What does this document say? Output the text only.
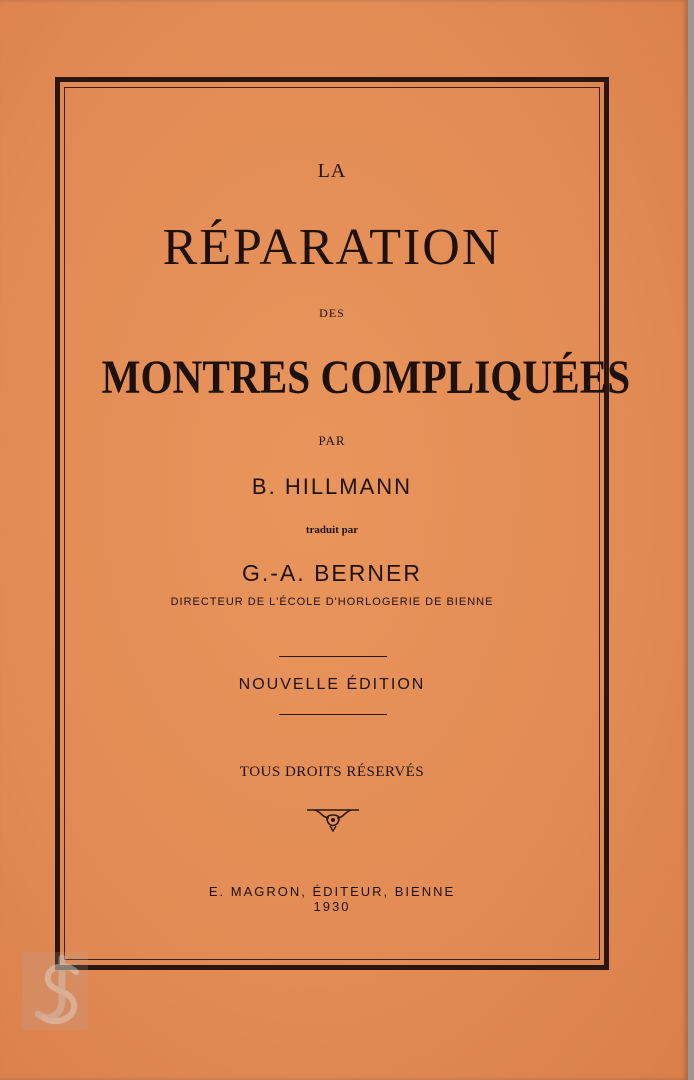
LA
RÉPARATION
DES
MONTRES COMPLIQUÉES
PAR
B. HILLMANN
traduit par
G.-A. BERNER
DIRECTEUR DE L'ÉCOLE D'HORLOGERIE DE BIENNE
NOUVELLE ÉDITION
TOUS DROITS RÉSERVÉS
E. MAGRON, ÉDITEUR, BIENNE
1930
